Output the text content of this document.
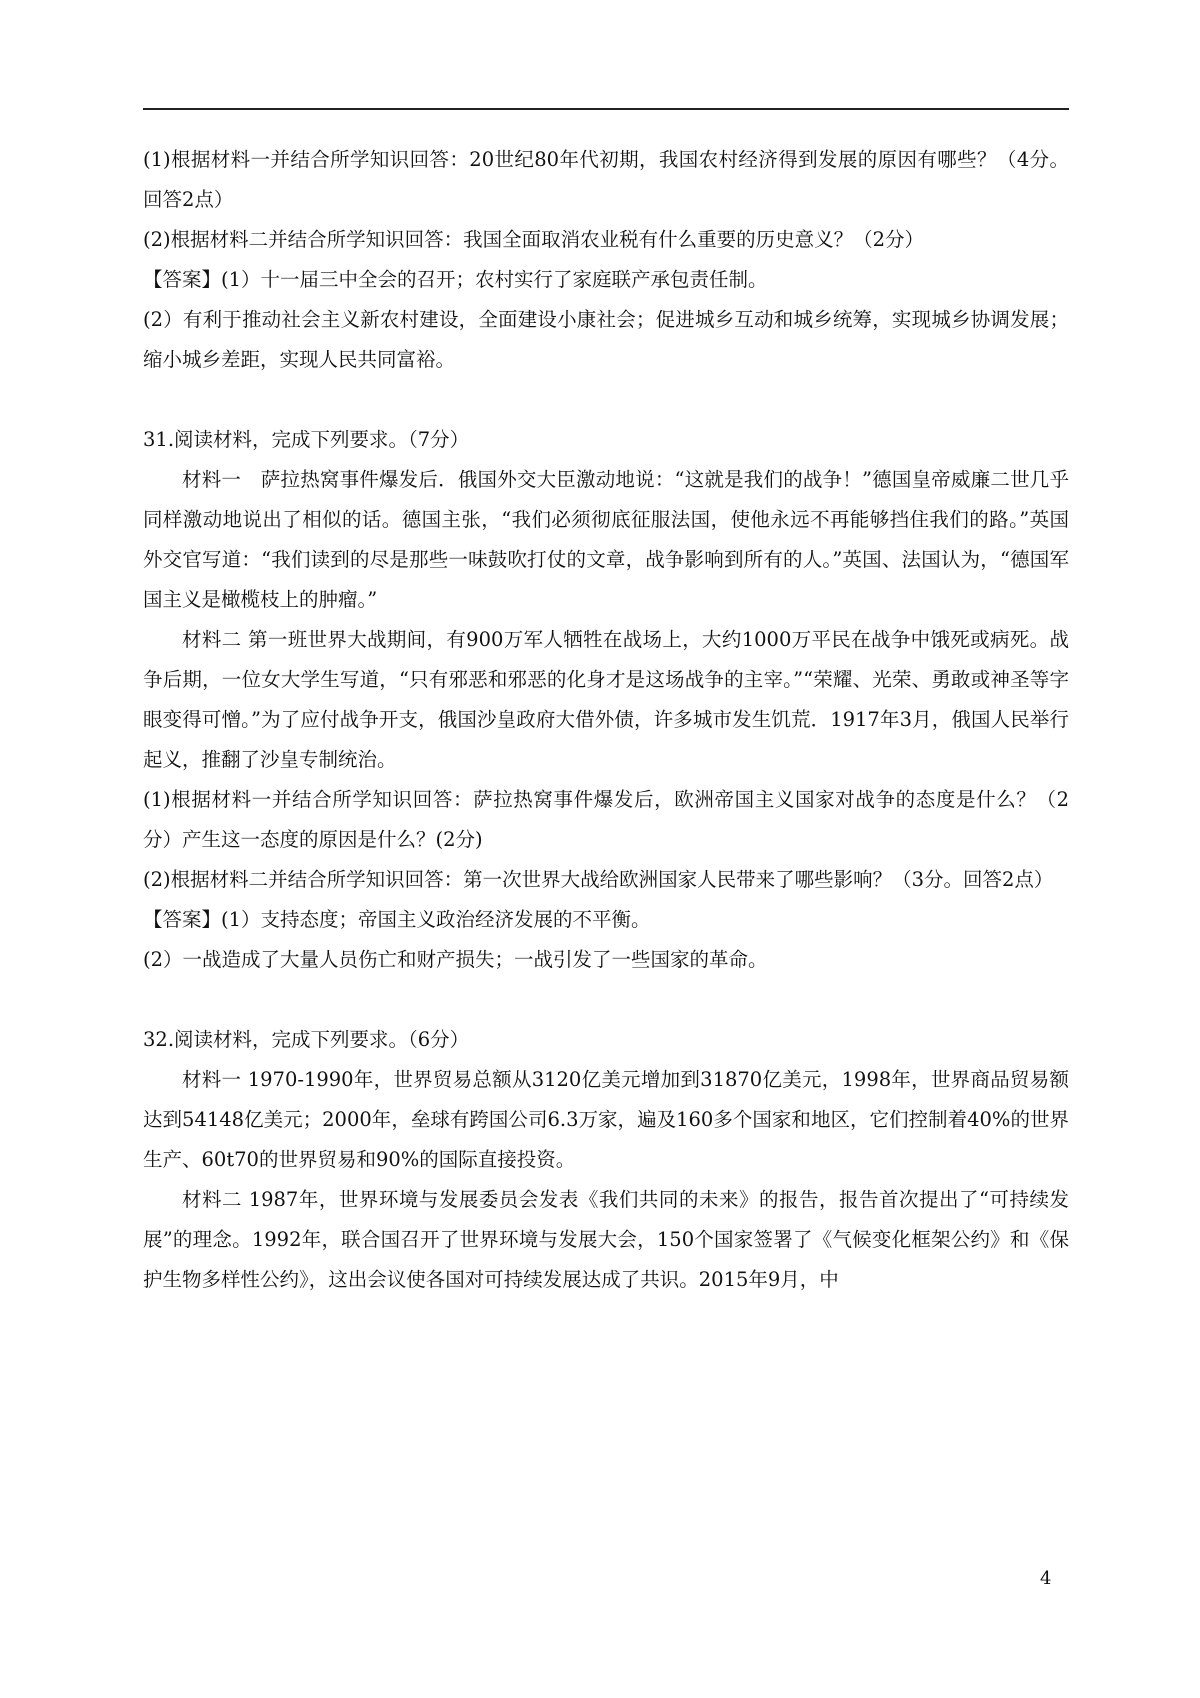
(1)根据材料一并结合所学知识回答：20世纪80年代初期，我国农村经济得到发展的原因有哪些？（4分。回答2点）

(2)根据材料二并结合所学知识回答：我国全面取消农业税有什么重要的历史意义？（2分）

【答案】(1）十一届三中全会的召开；农村实行了家庭联产承包责任制。

(2）有利于推动社会主义新农村建设，全面建设小康社会；促进城乡互动和城乡统筹，实现城乡协调发展；缩小城乡差距，实现人民共同富裕。

31.阅读材料，完成下列要求。（7分）

材料一　萨拉热窝事件爆发后．俄国外交大臣激动地说：“这就是我们的战争！”德国皇帝威廉二世几乎同样激动地说出了相似的话。德国主张，“我们必须彻底征服法国，使他永远不再能够挡住我们的路。”英国外交官写道：“我们读到的尽是那些一味鼓吹打仗的文章，战争影响到所有的人。”英国、法国认为，“德国军国主义是橄榄枝上的肿瘤。”

材料二 第一班世界大战期间，有900万军人牺牲在战场上，大约1000万平民在战争中饿死或病死。战争后期，一位女大学生写道，“只有邪恶和邪恶的化身才是这场战争的主宰。”“荣耀、光荣、勇敢或神圣等字眼变得可憎。”为了应付战争开支，俄国沙皇政府大借外债，许多城市发生饥荒．1917年3月，俄国人民举行起义，推翻了沙皇专制统治。

(1)根据材料一并结合所学知识回答：萨拉热窝事件爆发后，欧洲帝国主义国家对战争的态度是什么？（2分）产生这一态度的原因是什么？(2分)

(2)根据材料二并结合所学知识回答：第一次世界大战给欧洲国家人民带来了哪些影响？（3分。回答2点）

【答案】(1）支持态度；帝国主义政治经济发展的不平衡。

(2）一战造成了大量人员伤亡和财产损失；一战引发了一些国家的革命。

32.阅读材料，完成下列要求。（6分）

材料一 1970-1990年，世界贸易总额从3120亿美元增加到31870亿美元，1998年，世界商品贸易额达到54148亿美元；2000年，垒球有跨国公司6.3万家，遍及160多个国家和地区，它们控制着40%的世界生产、60t70的世界贸易和90%的国际直接投资。

材料二 1987年，世界环境与发展委员会发表《我们共同的未来》的报告，报告首次提出了“可持续发展”的理念。1992年，联合国召开了世界环境与发展大会，150个国家签署了《气候变化框架公约》和《保护生物多样性公约》，这出会议使各国对可持续发展达成了共识。2015年9月，中

4
